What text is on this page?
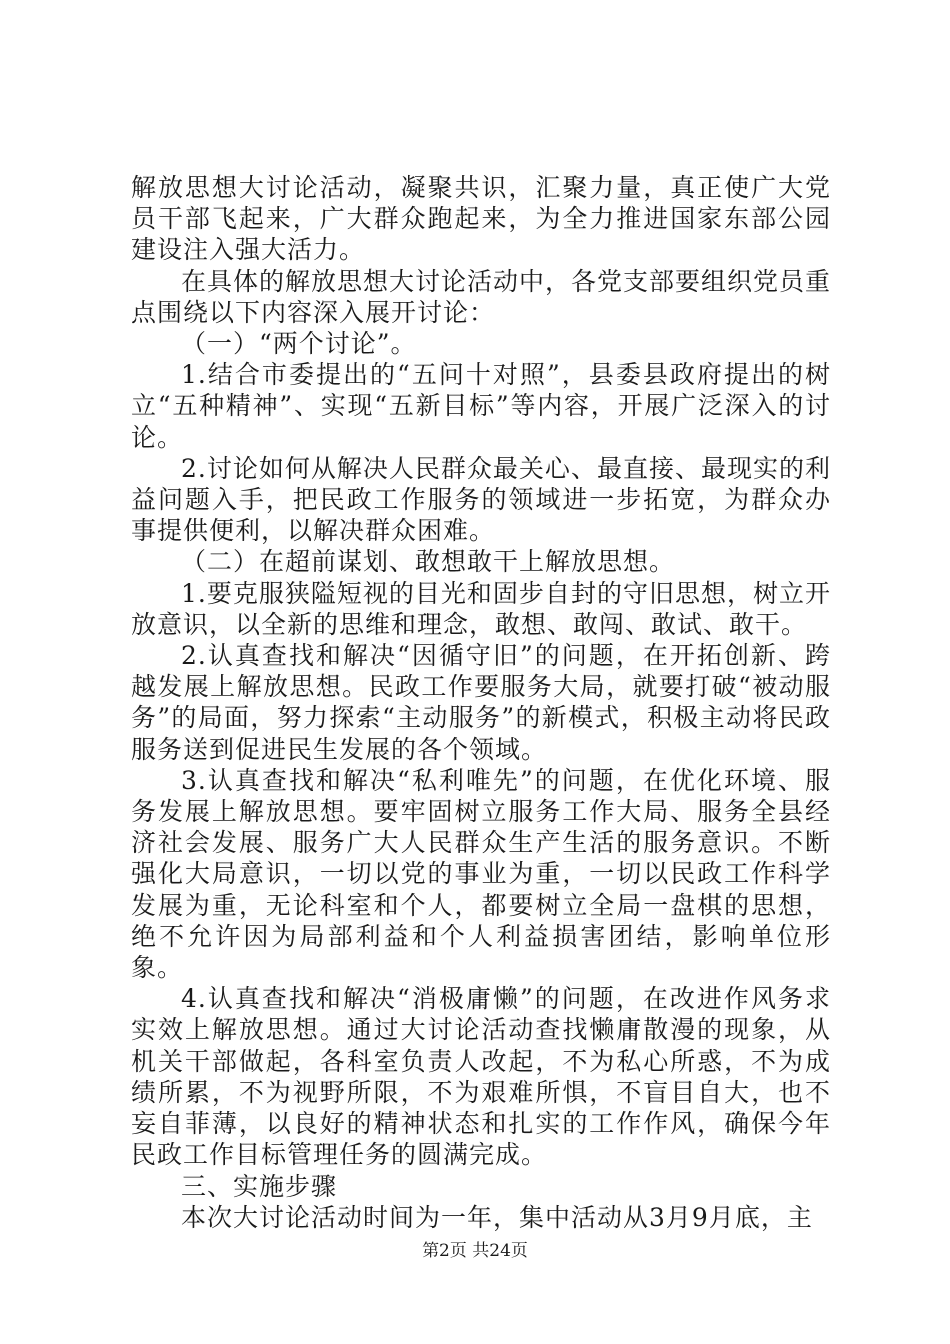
解放思想大讨论活动，凝聚共识，汇聚力量，真正使广大党员干部飞起来，广大群众跑起来，为全力推进国家东部公园建设注入强大活力。

在具体的解放思想大讨论活动中，各党支部要组织党员重点围绕以下内容深入展开讨论：

（一）“两个讨论”。

1.结合市委提出的“五问十对照”，县委县政府提出的树立“五种精神”、实现“五新目标”等内容，开展广泛深入的讨论。

2.讨论如何从解决人民群众最关心、最直接、最现实的利益问题入手，把民政工作服务的领域进一步拓宽，为群众办事提供便利，以解决群众困难。

（二）在超前谋划、敢想敢干上解放思想。

1.要克服狭隘短视的目光和固步自封的守旧思想，树立开放意识，以全新的思维和理念，敢想、敢闯、敢试、敢干。

2.认真查找和解决“因循守旧”的问题，在开拓创新、跨越发展上解放思想。民政工作要服务大局，就要打破“被动服务”的局面，努力探索“主动服务”的新模式，积极主动将民政服务送到促进民生发展的各个领域。

3.认真查找和解决“私利唯先”的问题，在优化环境、服务发展上解放思想。要牢固树立服务工作大局、服务全县经济社会发展、服务广大人民群众生产生活的服务意识。不断强化大局意识，一切以党的事业为重，一切以民政工作科学发展为重，无论科室和个人，都要树立全局一盘棋的思想，绝不允许因为局部利益和个人利益损害团结，影响单位形象。

4.认真查找和解决“消极庸懒”的问题，在改进作风务求实效上解放思想。通过大讨论活动查找懒庸散漫的现象，从机关干部做起，各科室负责人改起，不为私心所惑，不为成绩所累，不为视野所限，不为艰难所惧，不盲目自大，也不妄自菲薄，以良好的精神状态和扎实的工作作风，确保今年民政工作目标管理任务的圆满完成。

三、实施步骤

本次大讨论活动时间为一年，集中活动从3月9月底，主

第2页 共24页
